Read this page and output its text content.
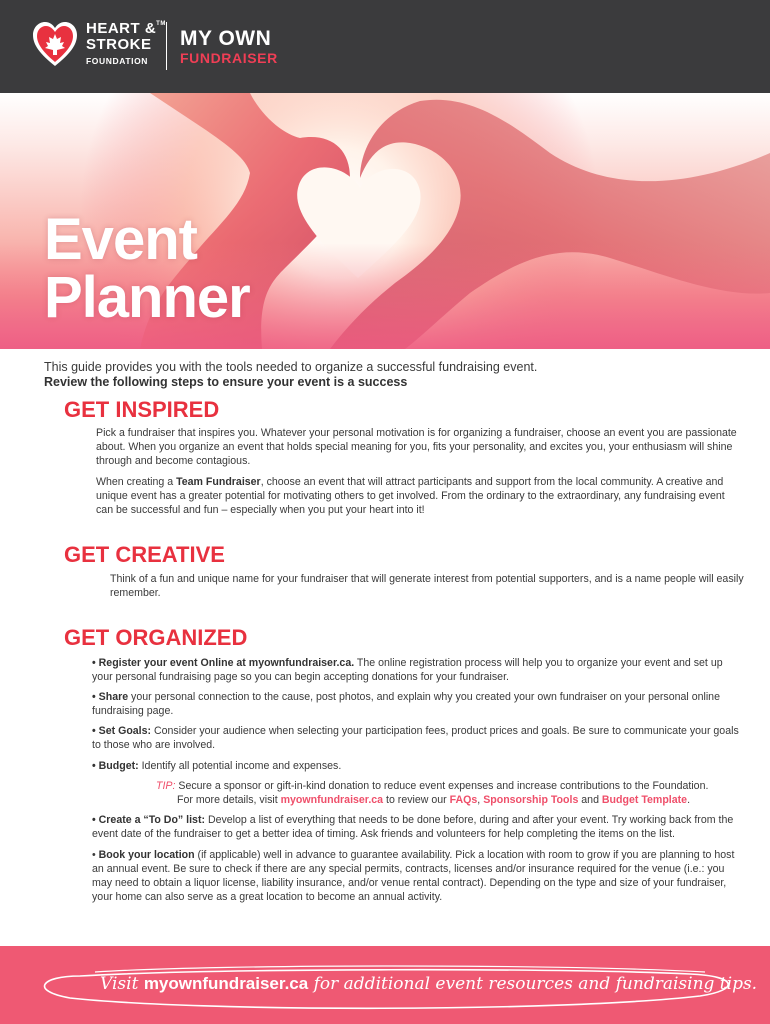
HEART &™
STROKE
FOUNDATION
MY OWN
FUNDRAISER
Event
Planner
This guide provides you with the tools needed to organize a successful fundraising event.
Review the following steps to ensure your event is a success
GET INSPIRED
Pick a fundraiser that inspires you. Whatever your personal motivation is for organizing a fundraiser, choose an event you are passionate about. When you organize an event that holds special meaning for you, fits your personality, and excites you, your enthusiasm will shine through and become contagious.
When creating a Team Fundraiser, choose an event that will attract participants and support from the local community. A creative and unique event has a greater potential for motivating others to get involved. From the ordinary to the extraordinary, any fundraising event can be successful and fun – especially when you put your heart into it!
GET CREATIVE
Think of a fun and unique name for your fundraiser that will generate interest from potential supporters, and is a name people will easily remember.
GET ORGANIZED
• Register your event Online at myownfundraiser.ca. The online registration process will help you to organize your event and set up your personal fundraising page so you can begin accepting donations for your fundraiser.
• Share your personal connection to the cause, post photos, and explain why you created your own fundraiser on your personal online fundraising page.
• Set Goals: Consider your audience when selecting your participation fees, product prices and goals. Be sure to communicate your goals to those who are involved.
• Budget: Identify all potential income and expenses.
TIP: Secure a sponsor or gift-in-kind donation to reduce event expenses and increase contributions to the Foundation.
For more details, visit myownfundraiser.ca to review our FAQs, Sponsorship Tools and Budget Template.
• Create a “To Do” list: Develop a list of everything that needs to be done before, during and after your event. Try working back from the event date of the fundraiser to get a better idea of timing. Ask friends and volunteers for help completing the items on the list.
• Book your location (if applicable) well in advance to guarantee availability. Pick a location with room to grow if you are planning to host an annual event. Be sure to check if there are any special permits, contracts, licenses and/or insurance required for the venue (i.e.: you may need to obtain a liquor license, liability insurance, and/or venue rental contract). Depending on the type and size of your fundraiser, your home can also serve as a great location to become an annual activity.
Visit myownfundraiser.ca for additional event resources and fundraising tips.
